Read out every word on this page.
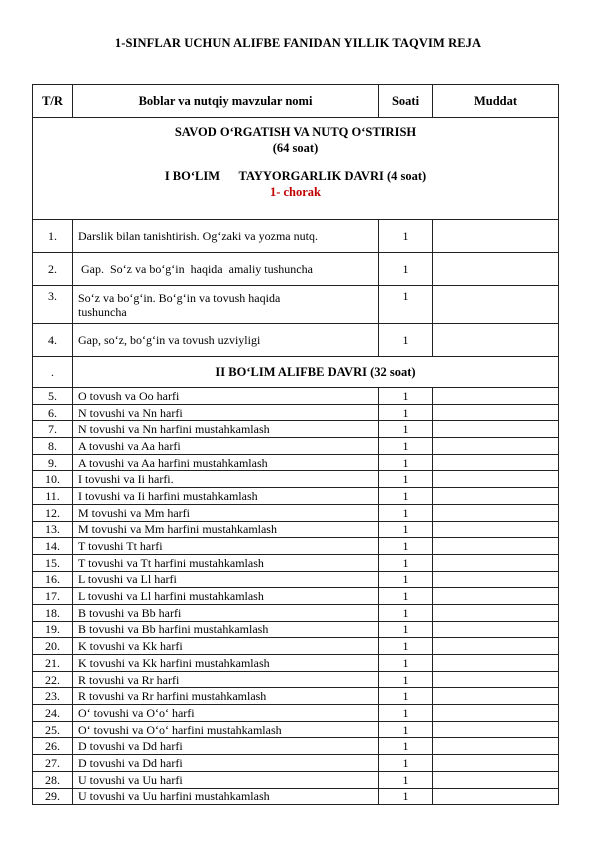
1-SINFLAR UCHUN ALIFBE FANIDAN YILLIK TAQVIM REJA
T/R	Boblar va nutqiy mavzular nomi	Soati	Muddat

SAVOD O‘RGATISH VA NUTQ O‘STIRISH
(64 soat)
I BO‘LIM      TAYYORGARLIK DAVRI (4 soat)
1- chorak			

1.	Darslik bilan tanishtirish. Og‘zaki va yozma nutq.	1	
2.	Gap.  So‘z va bo‘g‘in  haqida  amaliy tushuncha	1	
3.	So‘z va bo‘g‘in. Bo‘g‘in va tovush haqida tushuncha	1	
4.	Gap, so‘z, bo‘g‘in va tovush uzviyligi	1	
.	II BO‘LIM ALIFBE DAVRI (32 soat)		
5.	O tovush va Oo harfi	1	
6.	N tovushi va Nn harfi	1	
7.	N tovushi va Nn harfini mustahkamlash	1	
8.	A tovushi va Aa harfi	1	
9.	A tovushi va Aa harfini mustahkamlash	1	
10.	I tovushi va Ii harfi.	1	
11.	I tovushi va Ii harfini mustahkamlash	1	
12.	M tovushi va Mm harfi	1	
13.	M tovushi va Mm harfini mustahkamlash	1	
14.	T tovushi Tt harfi	1	
15.	T tovushi va Tt harfini mustahkamlash	1	
16.	L tovushi va Ll harfi	1	
17.	L tovushi va Ll harfini mustahkamlash	1	
18.	B tovushi va Bb harfi	1	
19.	B tovushi va Bb harfini mustahkamlash	1	
20.	K tovushi va Kk harfi	1	
21.	K tovushi va Kk harfini mustahkamlash	1	
22.	R tovushi va Rr harfi	1	
23.	R tovushi va Rr harfini mustahkamlash	1	
24.	O‘ tovushi va O‘o‘ harfi	1	
25.	O‘ tovushi va O‘o‘ harfini mustahkamlash	1	
26.	D tovushi va Dd harfi	1	
27.	D tovushi va Dd harfi	1	
28.	U tovushi va Uu harfi	1	
29.	U tovushi va Uu harfini mustahkamlash	1	
